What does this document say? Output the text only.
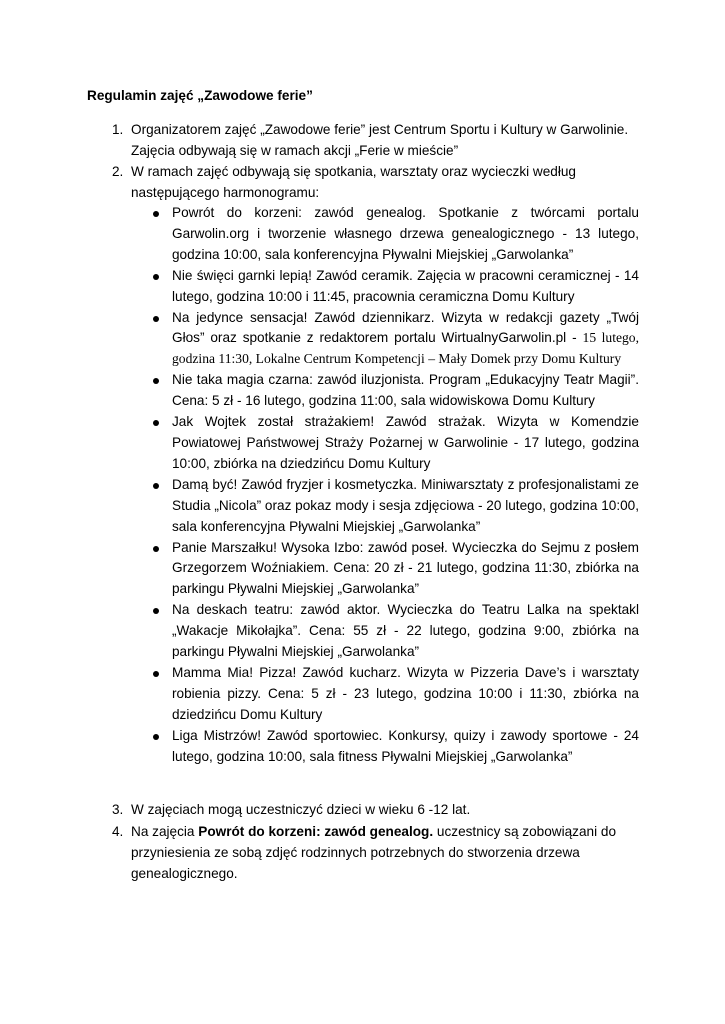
Regulamin zajęć „Zawodowe ferie”
1. Organizatorem zajęć „Zawodowe ferie” jest Centrum Sportu i Kultury w Garwolinie. Zajęcia odbywają się w ramach akcji „Ferie w mieście”
2. W ramach zajęć odbywają się spotkania, warsztaty oraz wycieczki według następującego harmonogramu:
Powrót do korzeni: zawód genealog. Spotkanie z twórcami portalu Garwolin.org i tworzenie własnego drzewa genealogicznego - 13 lutego, godzina 10:00, sala konferencyjna Pływalni Miejskiej „Garwolanka”
Nie święci garnki lepią! Zawód ceramik. Zajęcia w pracowni ceramicznej - 14 lutego, godzina 10:00 i 11:45, pracownia ceramiczna Domu Kultury
Na jedynce sensacja! Zawód dziennikarz. Wizyta w redakcji gazety „Twój Głos” oraz spotkanie z redaktorem portalu WirtualnyGarwolin.pl - 15 lutego, godzina 11:30, Lokalne Centrum Kompetencji – Mały Domek przy Domu Kultury
Nie taka magia czarna: zawód iluzjonista. Program „Edukacyjny Teatr Magii”. Cena: 5 zł - 16 lutego, godzina 11:00, sala widowiskowa Domu Kultury
Jak Wojtek został strażakiem! Zawód strażak. Wizyta w Komendzie Powiatowej Państwowej Straży Pożarnej w Garwolinie - 17 lutego, godzina 10:00, zbiórka na dziedzińcu Domu Kultury
Damą być! Zawód fryzjer i kosmetyczka. Miniwarsztaty z profesjonalistami ze Studia „Nicola” oraz pokaz mody i sesja zdjęciowa - 20 lutego, godzina 10:00, sala konferencyjna Pływalni Miejskiej „Garwolanka”
Panie Marszałku! Wysoka Izbo: zawód poseł. Wycieczka do Sejmu z posłem Grzegorzem Woźniakiem. Cena: 20 zł - 21 lutego, godzina 11:30, zbiórka na parkingu Pływalni Miejskiej „Garwolanka”
Na deskach teatru: zawód aktor. Wycieczka do Teatru Lalka na spektakl „Wakacje Mikołajka”. Cena: 55 zł - 22 lutego, godzina 9:00, zbiórka na parkingu Pływalni Miejskiej „Garwolanka”
Mamma Mia! Pizza! Zawód kucharz. Wizyta w Pizzeria Dave’s i warsztaty robienia pizzy. Cena: 5 zł - 23 lutego, godzina 10:00 i 11:30, zbiórka na dziedzińcu Domu Kultury
Liga Mistrzów! Zawód sportowiec. Konkursy, quizy i zawody sportowe - 24 lutego, godzina 10:00, sala fitness Pływalni Miejskiej „Garwolanka”
3. W zajęciach mogą uczestniczyć dzieci w wieku 6 -12 lat.
4. Na zajęcia Powrót do korzeni: zawód genealog. uczestnicy są zobowiązani do przyniesienia ze sobą zdjęć rodzinnych potrzebnych do stworzenia drzewa genealogicznego.
